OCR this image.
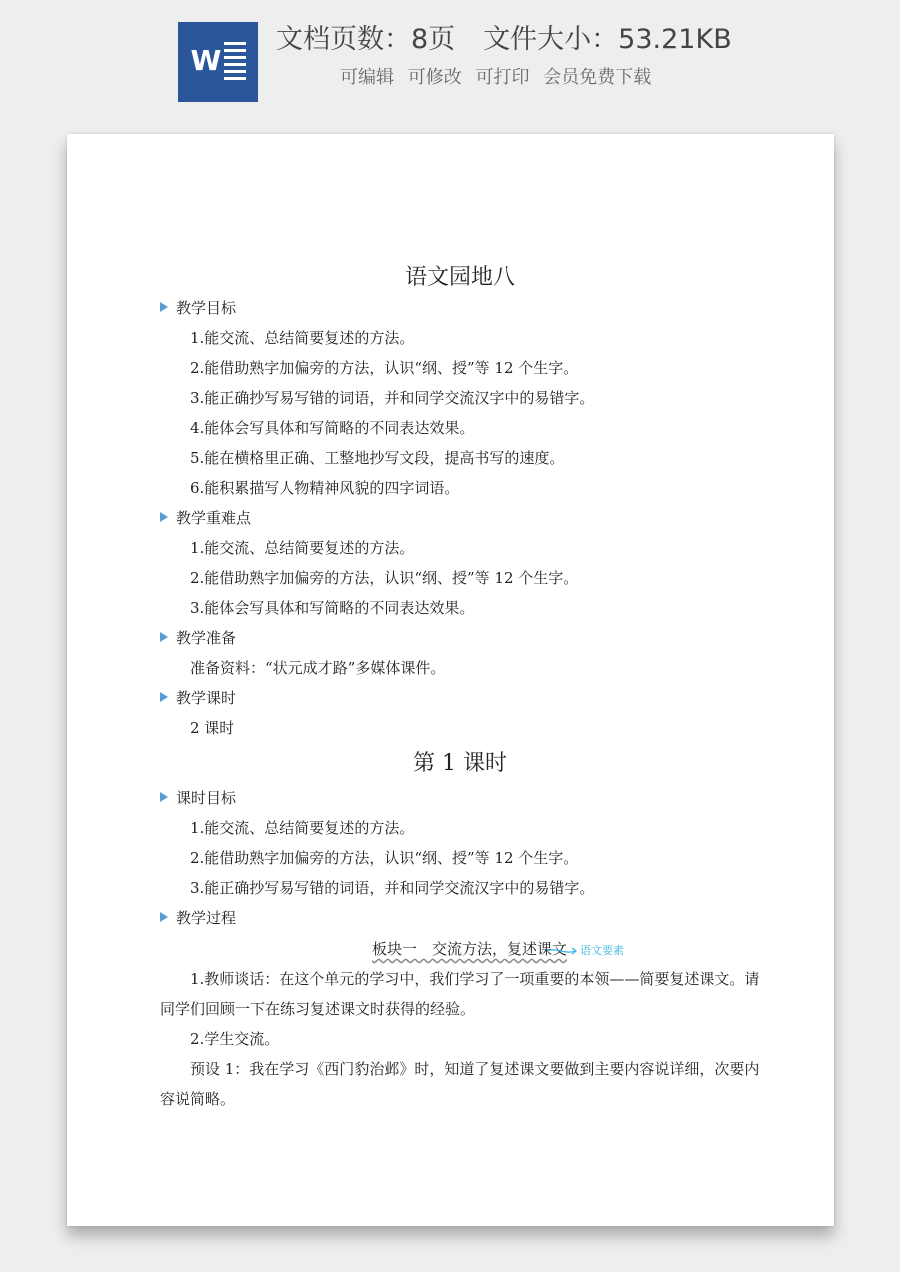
W
文档页数：8页 文件大小：53.21KB
可编辑 可修改 可打印 会员免费下载
语文园地八
教学目标
1.能交流、总结简要复述的方法。
2.能借助熟字加偏旁的方法，认识“纲、授”等 12 个生字。
3.能正确抄写易写错的词语，并和同学交流汉字中的易错字。
4.能体会写具体和写简略的不同表达效果。
5.能在横格里正确、工整地抄写文段，提高书写的速度。
6.能积累描写人物精神风貌的四字词语。
教学重难点
1.能交流、总结简要复述的方法。
2.能借助熟字加偏旁的方法，认识“纲、授”等 12 个生字。
3.能体会写具体和写简略的不同表达效果。
教学准备
准备资料：“状元成才路”多媒体课件。
教学课时
2 课时
第 1 课时
课时目标
1.能交流、总结简要复述的方法。
2.能借助熟字加偏旁的方法，认识“纲、授”等 12 个生字。
3.能正确抄写易写错的词语，并和同学交流汉字中的易错字。
教学过程
板块一　交流方法，复述课文 语文要素
1.教师谈话：在这个单元的学习中，我们学习了一项重要的本领——简要复述课文。请同学们回顾一下在练习复述课文时获得的经验。
2.学生交流。
预设 1：我在学习《西门豹治邺》时，知道了复述课文要做到主要内容说详细，次要内容说简略。
